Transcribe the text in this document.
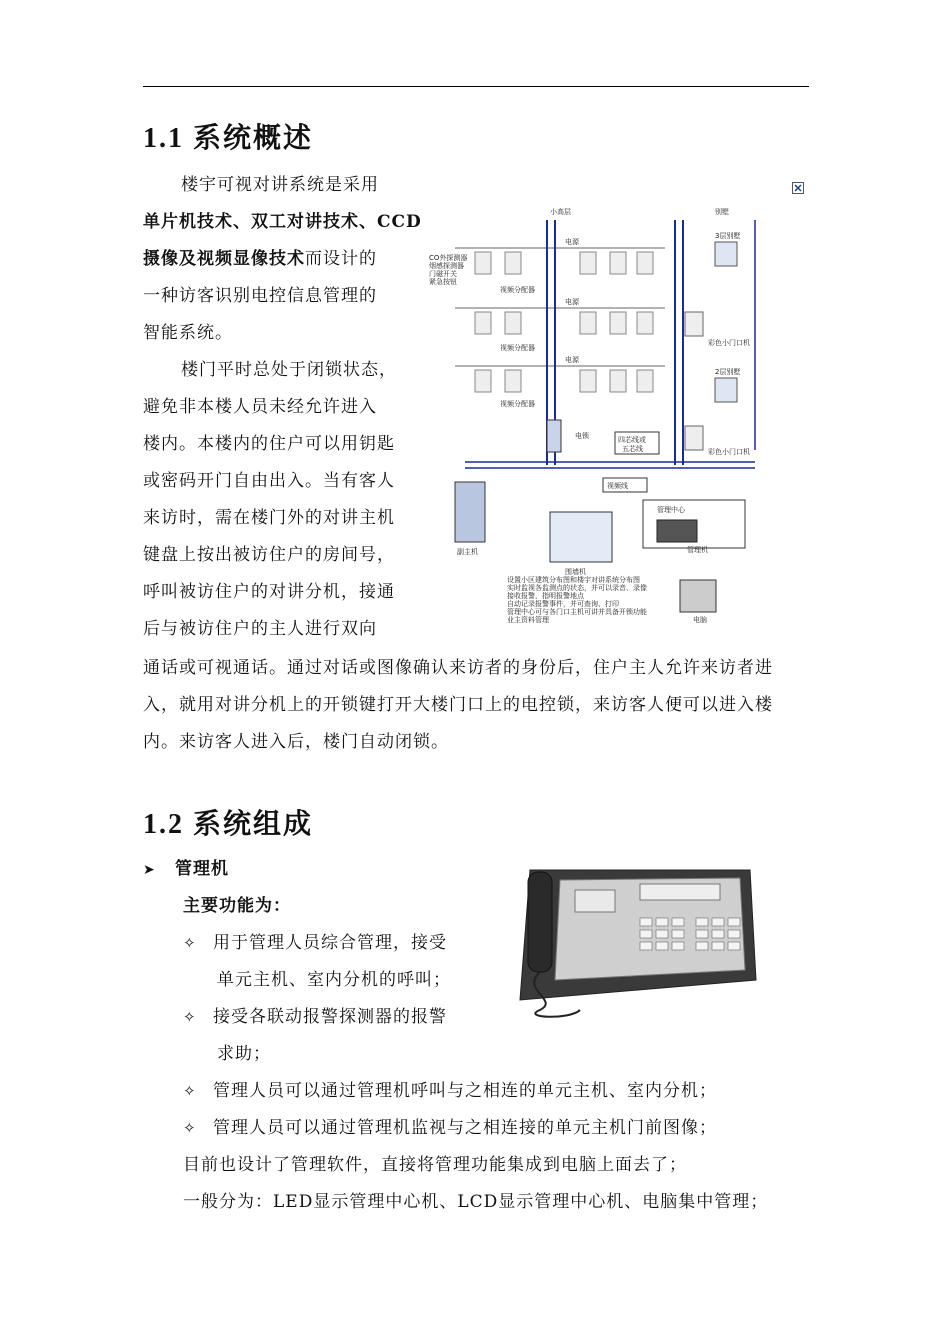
1.1 系统概述
楼宇可视对讲系统是采用
单片机技术、双工对讲技术、CCD
摄像及视频显像技术而设计的
一种访客识别电控信息管理的
智能系统。
楼门平时总处于闭锁状态，
避免非本楼人员未经允许进入
楼内。本楼内的住户可以用钥匙
或密码开门自由出入。当有客人
来访时，需在楼门外的对讲主机
键盘上按出被访住户的房间号，
呼叫被访住户的对讲分机，接通
后与被访住户的主人进行双向
通话或可视通话。通过对话或图像确认来访者的身份后，住户主人允许来访者进
入，就用对讲分机上的开锁键打开大楼门口上的电控锁，来访客人便可以进入楼
内。来访客人进入后，楼门自动闭锁。
小高层	别墅
电源
视频分配器
电源
视频分配器
电源
视频分配器
CO外探测器
烟感探测器
门磁开关
紧急按钮
3层别墅
2层别墅
彩色小门口机
彩色小门口机
电锁	四芯线或
五芯线
视频线
副主机
围墙机
管理中心
管理机
电脑
设置小区建筑分布图和楼宇对讲系统分布图
实时监视各监测点的状态，并可以录音、录像
接收报警，指明报警地点
自动记录报警事件，并可查询、打印
管理中心可与各门口主机可讲并具备开锁功能
业主资料管理
1.2 系统组成
➤ 管理机
主要功能为：
✧ 用于管理人员综合管理，接受
单元主机、室内分机的呼叫；
✧ 接受各联动报警探测器的报警
求助；
✧ 管理人员可以通过管理机呼叫与之相连的单元主机、室内分机；
✧ 管理人员可以通过管理机监视与之相连接的单元主机门前图像；
目前也设计了管理软件，直接将管理功能集成到电脑上面去了；
一般分为：LED显示管理中心机、LCD显示管理中心机、电脑集中管理；
